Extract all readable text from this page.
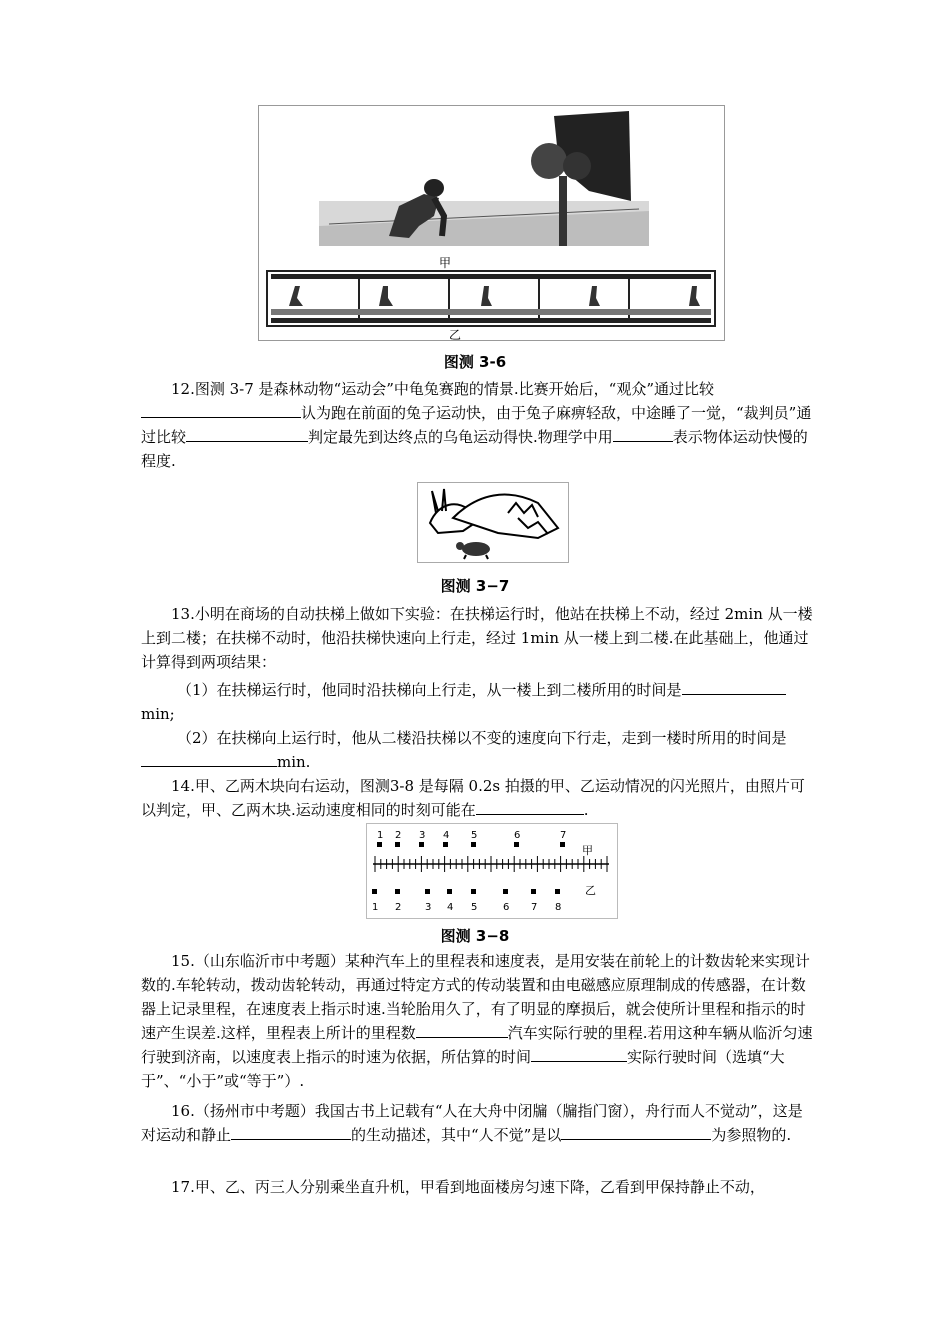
甲
乙
图测 3-6
12.图测 3-7 是森林动物“运动会”中龟兔赛跑的情景.比赛开始后，“观众”通过比较认为跑在前面的兔子运动快，由于兔子麻痹轻敌，中途睡了一觉，“裁判员”通过比较	判定最先到达终点的乌龟运动得快.物理学中用	表示物体运动快慢的程度.
图测 3−7
13.小明在商场的自动扶梯上做如下实验：在扶梯运行时，他站在扶梯上不动，经过 2min 从一楼上到二楼；在扶梯不动时，他沿扶梯快速向上行走，经过 1min 从一楼上到二楼.在此基础上，他通过计算得到两项结果：
（1）在扶梯运行时，他同时沿扶梯向上行走，从一楼上到二楼所用的时间是min;
（2）在扶梯向上运行时，他从二楼沿扶梯以不变的速度向下行走，走到一楼时所用的时间是min.
14.甲、乙两木块向右运动，图测3-8 是每隔 0.2s 拍摄的甲、乙运动情况的闪光照片，由照片可以判定，甲、乙两木块.运动速度相同的时刻可能在	.
1 2 3 4 5	6	7
甲
1 2 3 4 5	6 7 8
乙
图测 3−8
15.（山东临沂市中考题）某种汽车上的里程表和速度表，是用安装在前轮上的计数齿轮来实现计数的.车轮转动，拨动齿轮转动，再通过特定方式的传动装置和由电磁感应原理制成的传感器，在计数器上记录里程，在速度表上指示时速.当轮胎用久了，有了明显的摩损后，就会使所计里程和指示的时速产生误差.这样，里程表上所计的里程数	汽车实际行驶的里程.若用这种车辆从临沂匀速行驶到济南，以速度表上指示的时速为依据，所估算的时间	实际行驶时间（选填“大于”、“小于”或“等于”）.
16.（扬州市中考题）我国古书上记载有“人在大舟中闭牖（牖指门窗），舟行而人不觉动”，这是对运动和静止	的生动描述，其中“人不觉”是以	为参照物的.
17.甲、乙、丙三人分别乘坐直升机，甲看到地面楼房匀速下降，乙看到甲保持静止不动，
